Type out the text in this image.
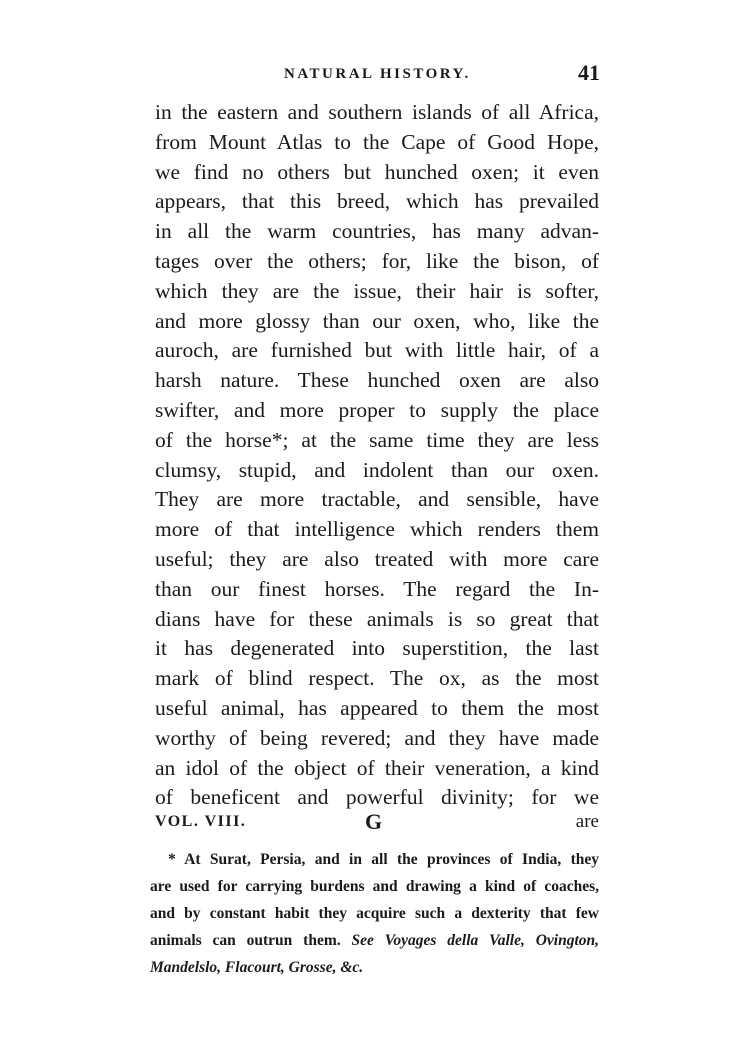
NATURAL HISTORY.	41
in the eastern and southern islands of all Africa,
from Mount Atlas to the Cape of Good Hope,
we find no others but hunched oxen; it even
appears, that this breed, which has prevailed
in all the warm countries, has many advan-
tages over the others; for, like the bison, of
which they are the issue, their hair is softer,
and more glossy than our oxen, who, like the
auroch, are furnished but with little hair, of a
harsh nature. These hunched oxen are also
swifter, and more proper to supply the place
of the horse*; at the same time they are less
clumsy, stupid, and indolent than our oxen.
They are more tractable, and sensible, have
more of that intelligence which renders them
useful; they are also treated with more care
than our finest horses. The regard the In-
dians have for these animals is so great that
it has degenerated into superstition, the last
mark of blind respect. The ox, as the most
useful animal, has appeared to them the most
worthy of being revered; and they have made
an idol of the object of their veneration, a kind
of beneficent and powerful divinity; for we
VOL. VIII.	G	are
* At Surat, Persia, and in all the provinces of India, they
are used for carrying burdens and drawing a kind of coaches,
and by constant habit they acquire such a dexterity that few
animals can outrun them. See Voyages della Valle, Ovington,
Mandelslo, Flacourt, Grosse, &c.
